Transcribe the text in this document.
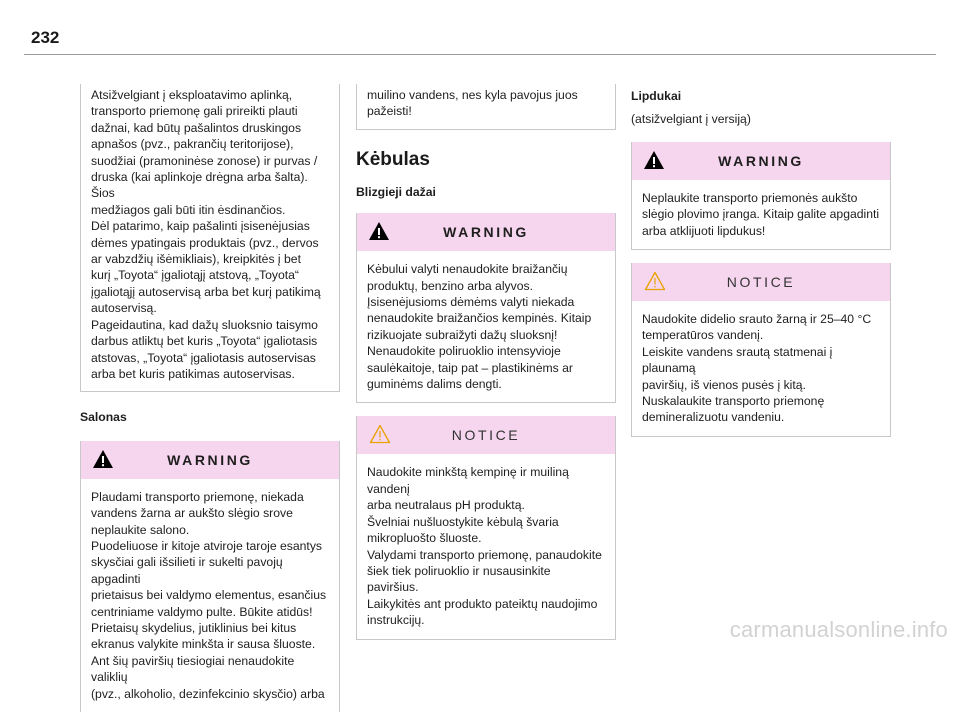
232

Atsižvelgiant į eksploatavimo aplinką,

transporto priemonę gali prireikti plauti

dažnai, kad būtų pašalintos druskingos

apnašos (pvz., pakrančių teritorijose),

suodžiai (pramoninėse zonose) ir purvas /

druska (kai aplinkoje drėgna arba šalta). Šios

medžiagos gali būti itin ėsdinančios.

Dėl patarimo, kaip pašalinti įsisenėjusias

dėmes ypatingais produktais (pvz., dervos

ar vabzdžių išėmikliais), kreipkitės į bet

kurį „Toyota“ įgaliotąjį atstovą, „Toyota“

įgaliotąjį autoservisą arba bet kurį patikimą

autoservisą.

Pageidautina, kad dažų sluoksnio taisymo

darbus atliktų bet kuris „Toyota“ įgaliotasis

atstovas, „Toyota“ įgaliotasis autoservisas

arba bet kuris patikimas autoservisas.

Salonas

WARNING

Plaudami transporto priemonę, niekada

vandens žarna ar aukšto slėgio srove

neplaukite salono.

Puodeliuose ir kitoje atviroje taroje esantys

skysčiai gali išsilieti ir sukelti pavojų apgadinti

prietaisus bei valdymo elementus, esančius

centriniame valdymo pulte. Būkite atidūs!

Prietaisų skydelius, jutiklinius bei kitus

ekranus valykite minkšta ir sausa šluoste.

Ant šių paviršių tiesiogiai nenaudokite valiklių

(pvz., alkoholio, dezinfekcinio skysčio) arba

muilino vandens, nes kyla pavojus juos

pažeisti!

Kėbulas

Blizgieji dažai

WARNING

Kėbului valyti nenaudokite braižančių

produktų, benzino arba alyvos.

Įsisenėjusioms dėmėms valyti niekada

nenaudokite braižančios kempinės. Kitaip

rizikuojate subraižyti dažų sluoksnį!

Nenaudokite poliruoklio intensyvioje

saulėkaitoje, taip pat – plastikinėms ar

guminėms dalims dengti.

NOTICE

Naudokite minkštą kempinę ir muiliną vandenį

arba neutralaus pH produktą.

Švelniai nušluostykite kėbulą švaria

mikropluošto šluoste.

Valydami transporto priemonę, panaudokite

šiek tiek poliruoklio ir nusausinkite paviršius.

Laikykitės ant produkto pateiktų naudojimo

instrukcijų.

Lipdukai

(atsižvelgiant į versiją)

WARNING

Neplaukite transporto priemonės aukšto

slėgio plovimo įranga. Kitaip galite apgadinti

arba atklijuoti lipdukus!

NOTICE

Naudokite didelio srauto žarną ir 25–40 °C

temperatūros vandenį.

Leiskite vandens srautą statmenai į plaunamą

paviršių, iš vienos pusės į kitą.

Nuskalaukite transporto priemonę

demineralizuotu vandeniu.

carmanualsonline.info
